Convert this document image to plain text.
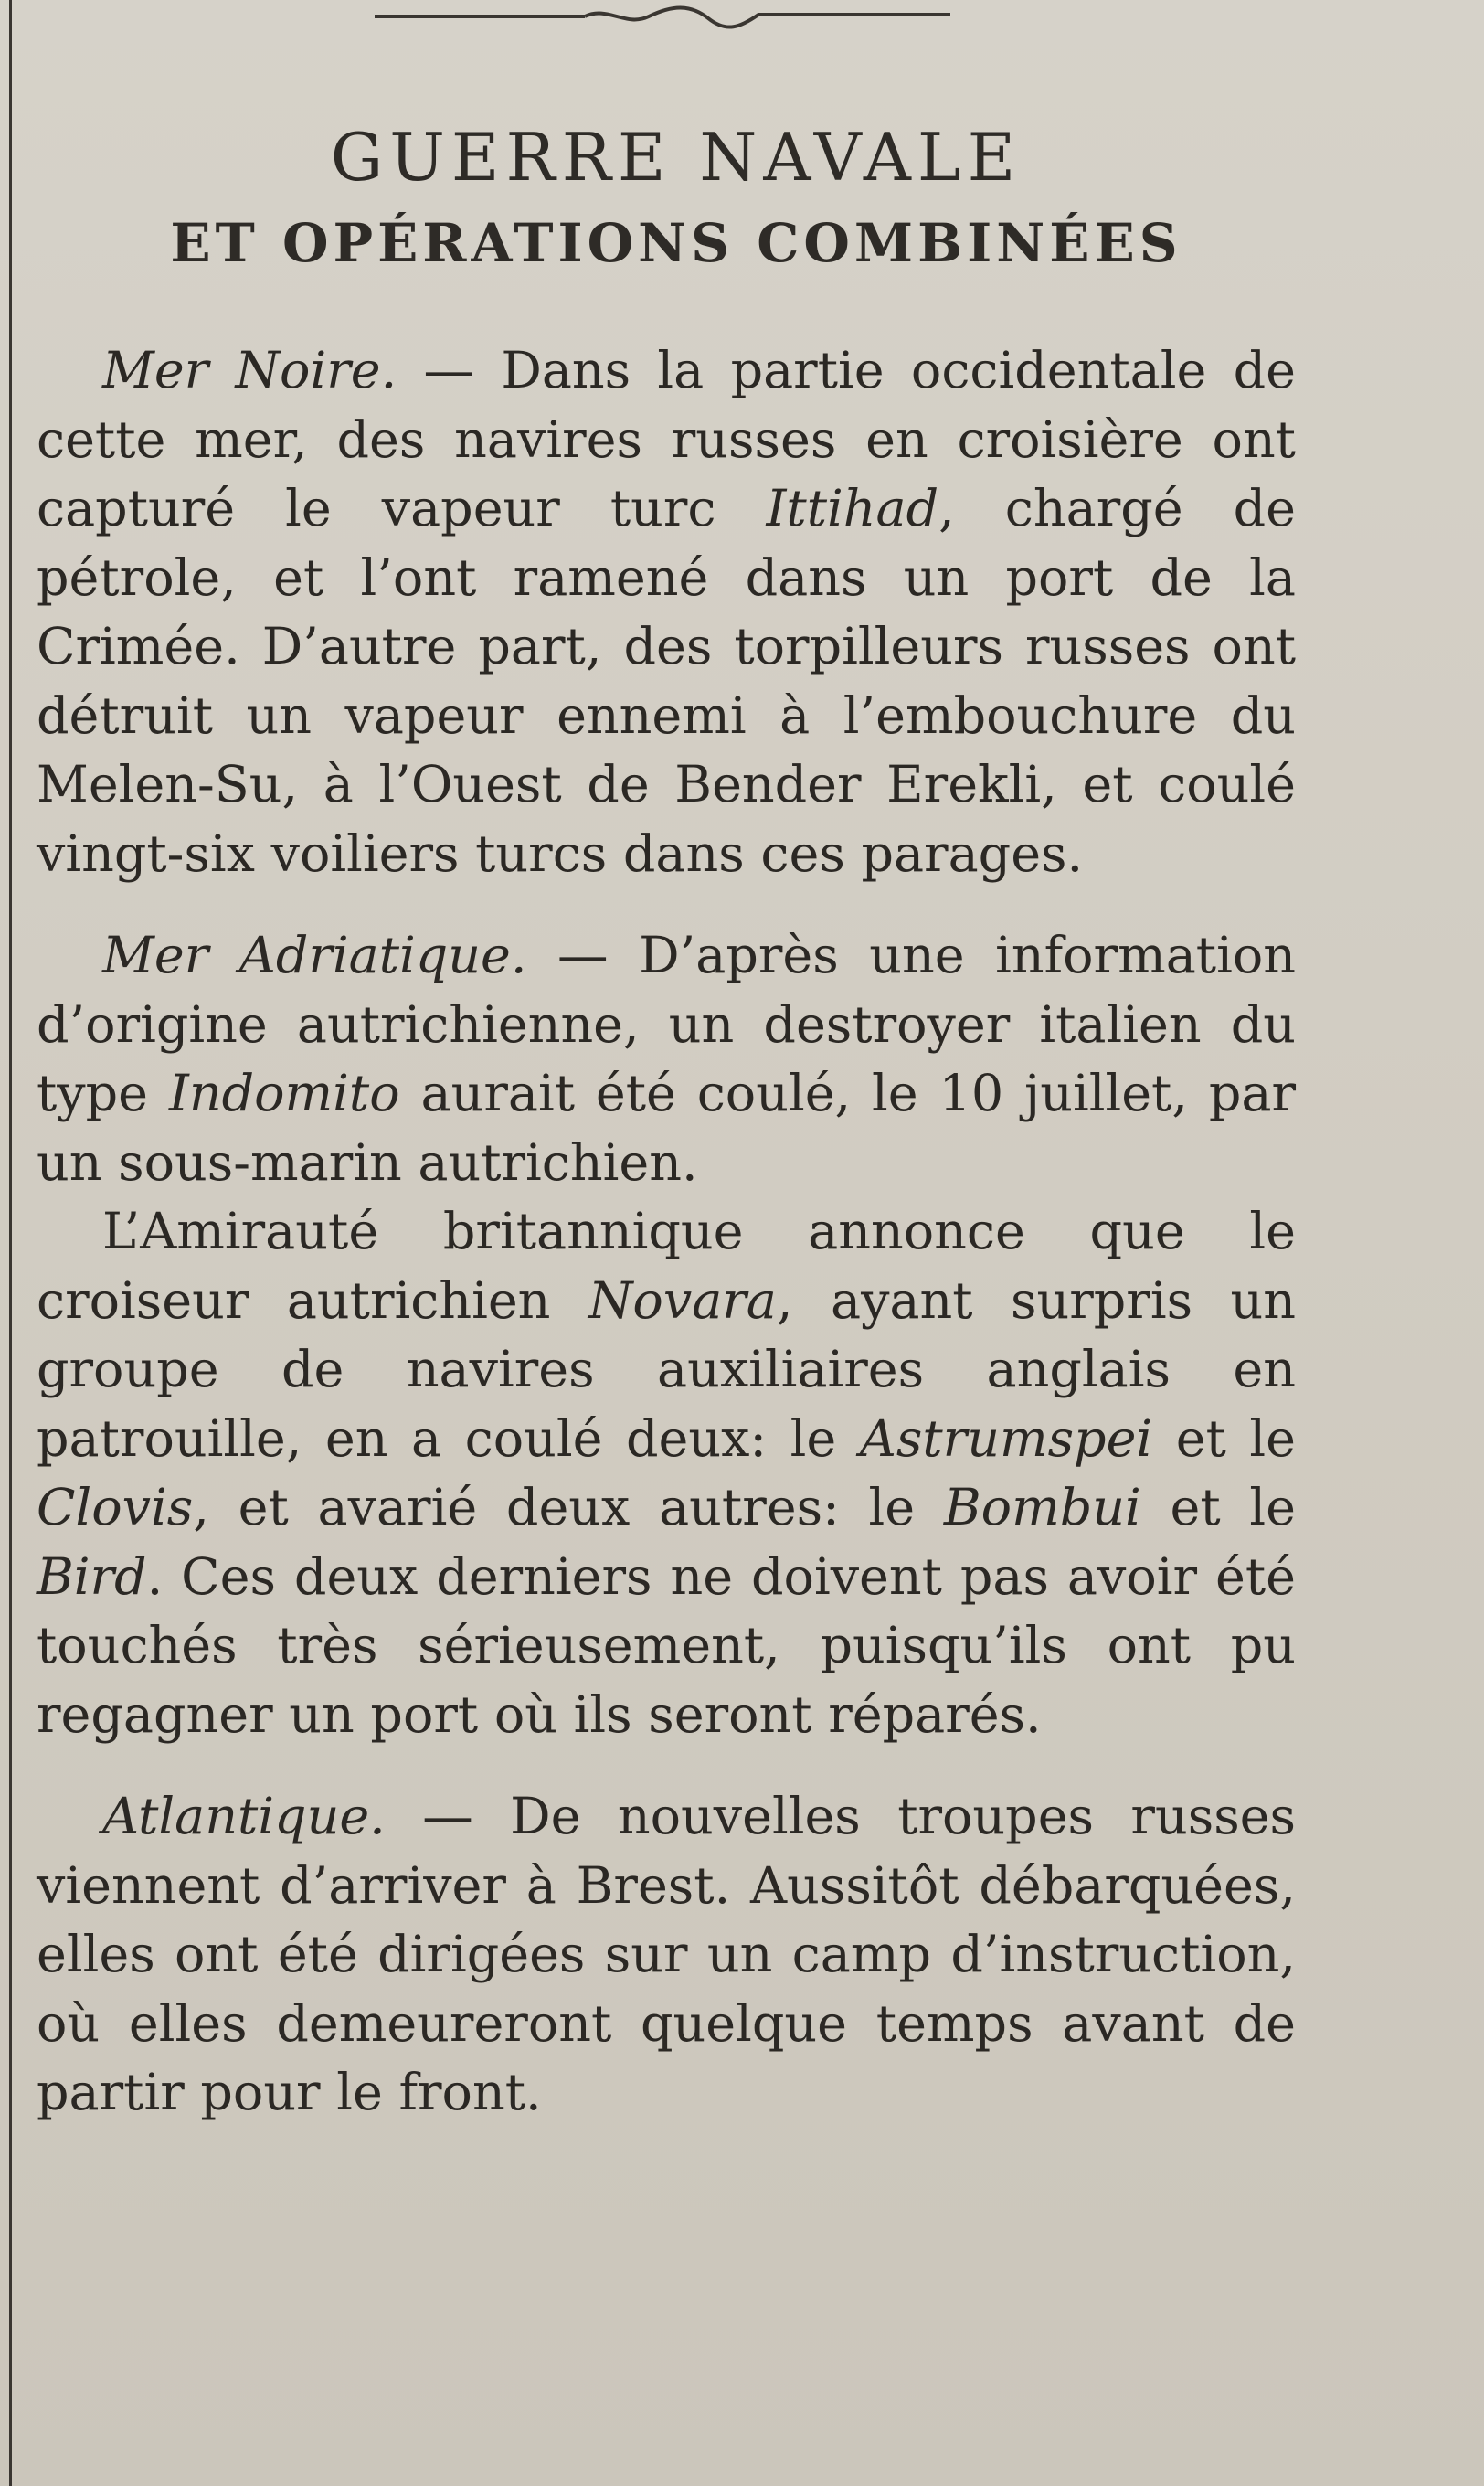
GUERRE NAVALE
ET OPÉRATIONS COMBINÉES

Mer Noire. — Dans la partie occidentale de cette mer, des navires russes en croisière ont capturé le vapeur turc Ittihad, chargé de pétrole, et l’ont ramené dans un port de la Crimée. D’autre part, des torpilleurs russes ont détruit un vapeur ennemi à l’embouchure du Melen-Su, à l’Ouest de Bender Erekli, et coulé vingt-six voiliers turcs dans ces parages.

Mer Adriatique. — D’après une information d’origine autrichienne, un destroyer italien du type Indomito aurait été coulé, le 10 juillet, par un sous-marin autrichien.

L’Amirauté britannique annonce que le croiseur autrichien Novara, ayant surpris un groupe de navires auxiliaires anglais en patrouille, en a coulé deux: le Astrumspei et le Clovis, et avarié deux autres: le Bombui et le Bird. Ces deux derniers ne doivent pas avoir été touchés très sérieusement, puisqu’ils ont pu regagner un port où ils seront réparés.

Atlantique. — De nouvelles troupes russes viennent d’arriver à Brest. Aussitôt débarquées, elles ont été dirigées sur un camp d’instruction, où elles demeureront quelque temps avant de partir pour le front.
